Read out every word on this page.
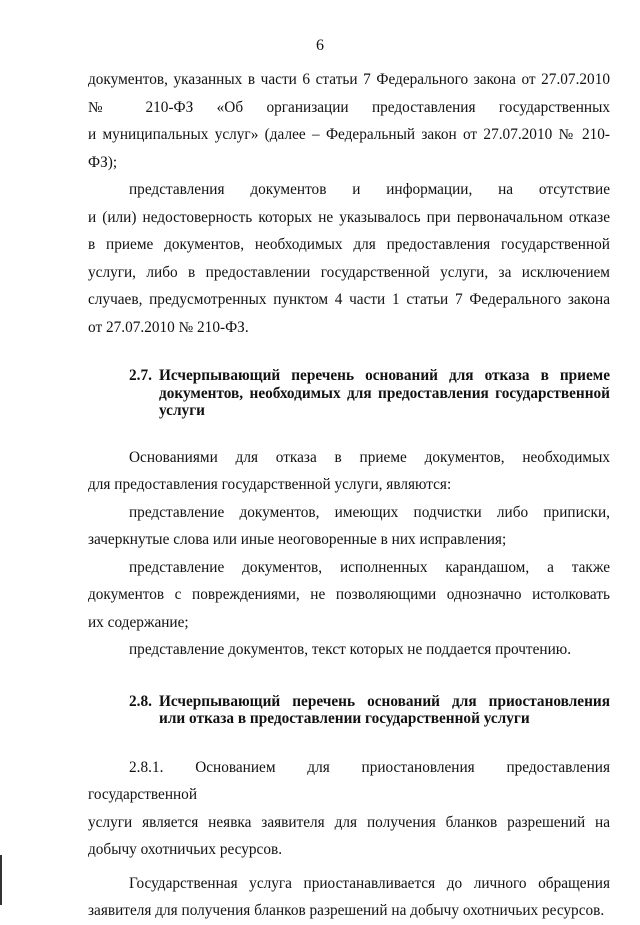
6
документов, указанных в части 6 статьи 7 Федерального закона от 27.07.2010
№ 210-ФЗ «Об организации предоставления государственных
и муниципальных услуг» (далее – Федеральный закон от 27.07.2010 № 210-ФЗ);
представления документов и информации, на отсутствие
и (или) недостоверность которых не указывалось при первоначальном отказе
в приеме документов, необходимых для предоставления государственной
услуги, либо в предоставлении государственной услуги, за исключением
случаев, предусмотренных пунктом 4 части 1 статьи 7 Федерального закона
от 27.07.2010 № 210-ФЗ.
2.7. Исчерпывающий перечень оснований для отказа в приеме
документов, необходимых для предоставления государственной
услуги
Основаниями для отказа в приеме документов, необходимых
для предоставления государственной услуги, являются:
представление документов, имеющих подчистки либо приписки,
зачеркнутые слова или иные неоговоренные в них исправления;
представление документов, исполненных карандашом, а также
документов с повреждениями, не позволяющими однозначно истолковать
их содержание;
представление документов, текст которых не поддается прочтению.
2.8. Исчерпывающий перечень оснований для приостановления
или отказа в предоставлении государственной услуги
2.8.1. Основанием для приостановления предоставления государственной
услуги является неявка заявителя для получения бланков разрешений на
добычу охотничьих ресурсов.
Государственная услуга приостанавливается до личного обращения
заявителя для получения бланков разрешений на добычу охотничьих ресурсов.
